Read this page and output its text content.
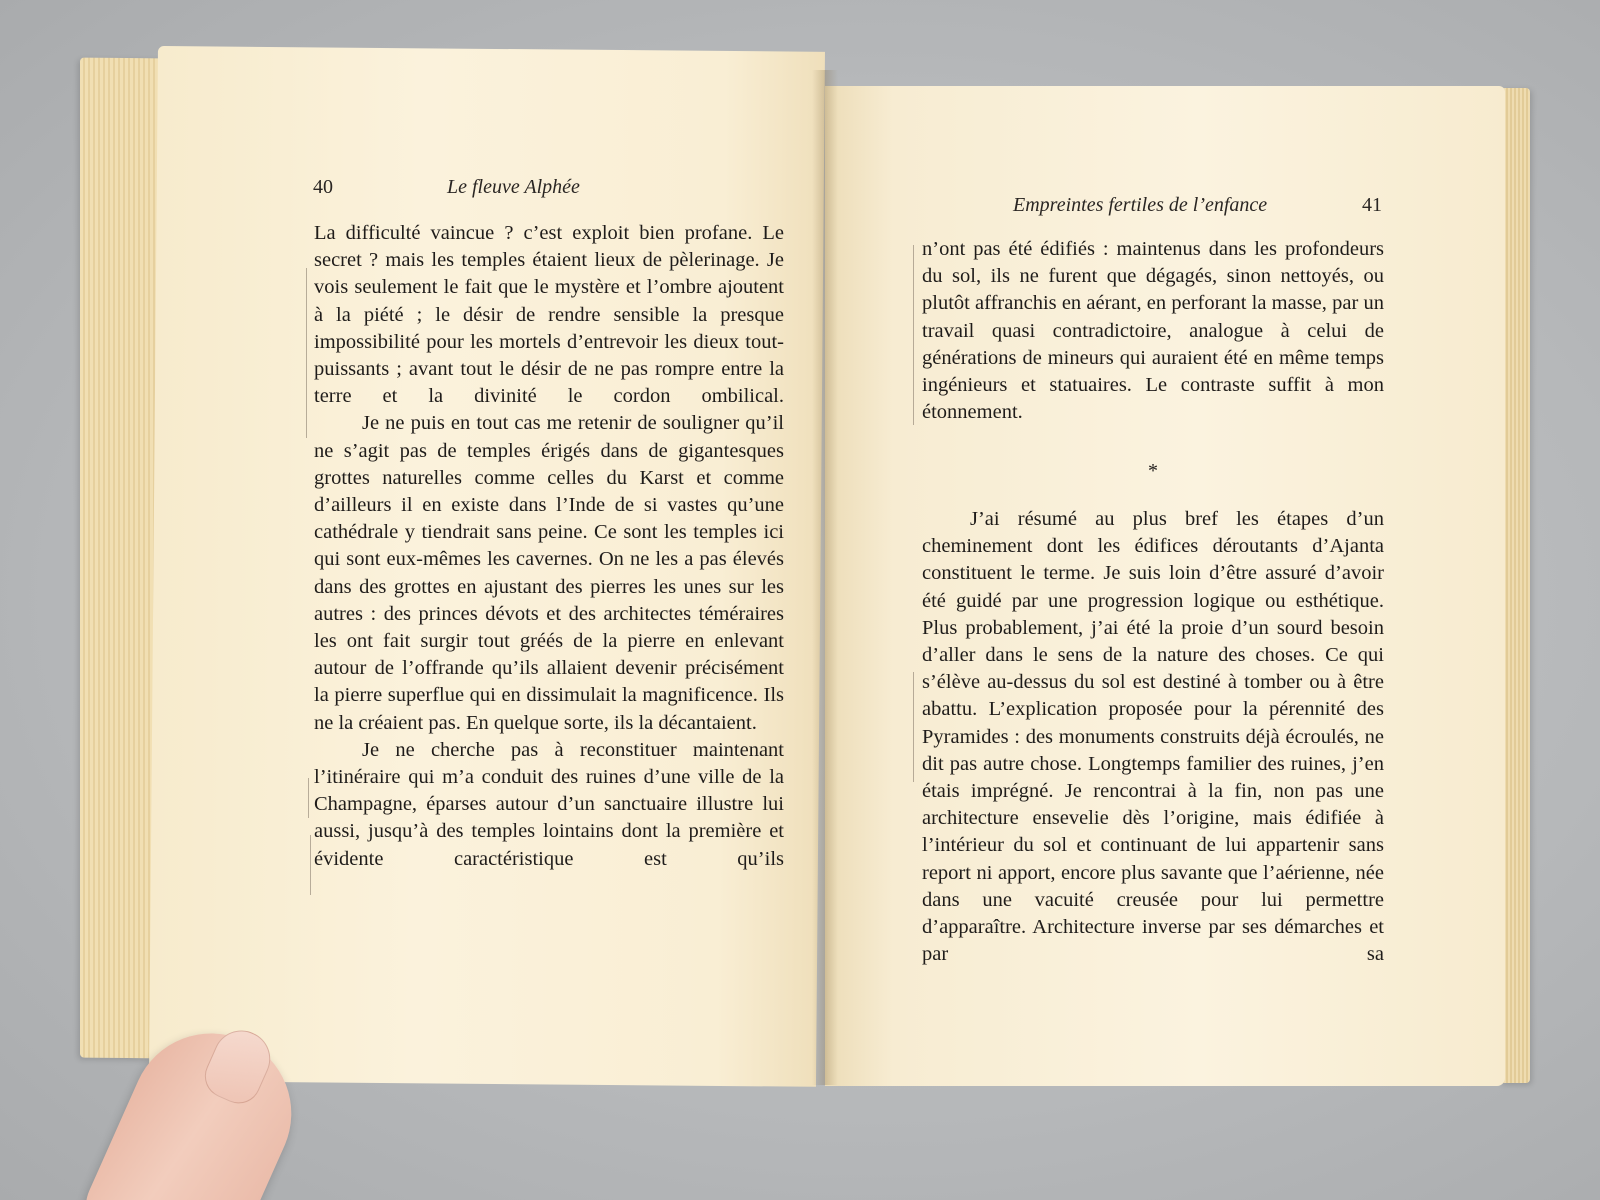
40	Le fleuve Alphée

La difficulté vaincue ? c’est exploit bien profane. Le secret ? mais les temples étaient lieux de pèlerinage. Je vois seulement le fait que le mystère et l’ombre ajoutent à la piété ; le désir de rendre sensible la presque impossibilité pour les mortels d’entrevoir les dieux tout-puissants ; avant tout le désir de ne pas rompre entre la terre et la divinité le cordon ombilical.

Je ne puis en tout cas me retenir de souligner qu’il ne s’agit pas de temples érigés dans de gigantesques grottes naturelles comme celles du Karst et comme d’ailleurs il en existe dans l’Inde de si vastes qu’une cathédrale y tiendrait sans peine. Ce sont les temples ici qui sont eux-mêmes les cavernes. On ne les a pas élevés dans des grottes en ajustant des pierres les unes sur les autres : des princes dévots et des architectes téméraires les ont fait surgir tout gréés de la pierre en enlevant autour de l’offrande qu’ils allaient devenir précisément la pierre superflue qui en dissimulait la magnificence. Ils ne la créaient pas. En quelque sorte, ils la décantaient.

Je ne cherche pas à reconstituer maintenant l’itinéraire qui m’a conduit des ruines d’une ville de la Champagne, éparses autour d’un sanctuaire illustre lui aussi, jusqu’à des temples lointains dont la première et évidente caractéristique est qu’ils

Empreintes fertiles de l’enfance	41

n’ont pas été édifiés : maintenus dans les profondeurs du sol, ils ne furent que dégagés, sinon nettoyés, ou plutôt affranchis en aérant, en perforant la masse, par un travail quasi contradictoire, analogue à celui de générations de mineurs qui auraient été en même temps ingénieurs et statuaires. Le contraste suffit à mon étonnement.

*

J’ai résumé au plus bref les étapes d’un cheminement dont les édifices déroutants d’Ajanta constituent le terme. Je suis loin d’être assuré d’avoir été guidé par une progression logique ou esthétique. Plus probablement, j’ai été la proie d’un sourd besoin d’aller dans le sens de la nature des choses. Ce qui s’élève au-dessus du sol est destiné à tomber ou à être abattu. L’explication proposée pour la pérennité des Pyramides : des monuments construits déjà écroulés, ne dit pas autre chose. Longtemps familier des ruines, j’en étais imprégné. Je rencontrai à la fin, non pas une architecture ensevelie dès l’origine, mais édifiée à l’intérieur du sol et continuant de lui appartenir sans report ni apport, encore plus savante que l’aérienne, née dans une vacuité creusée pour lui permettre d’apparaître. Architecture inverse par ses démarches et par sa
